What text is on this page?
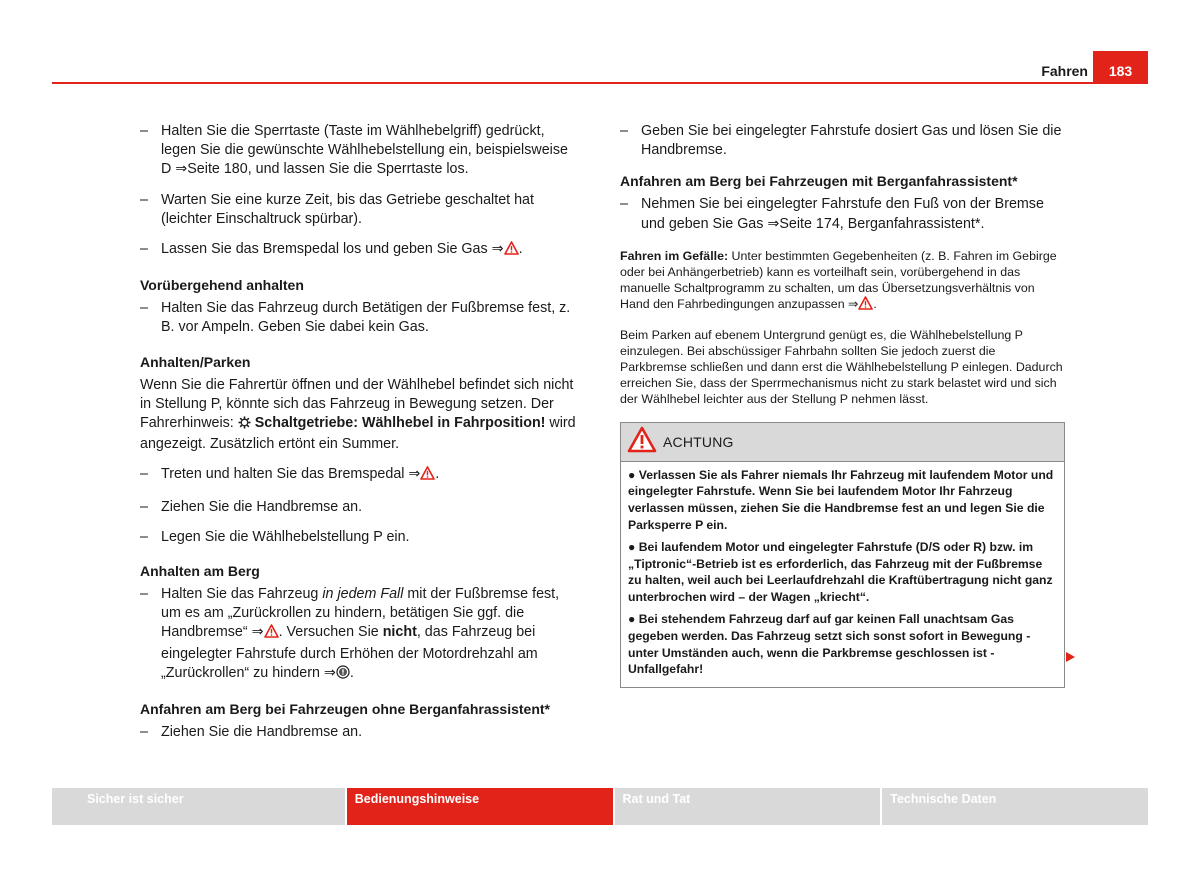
Fahren	183
– Halten Sie die Sperrtaste (Taste im Wählhebelgriff) gedrückt, legen Sie die gewünschte Wählhebelstellung ein, beispielsweise D ⇒Seite 180, und lassen Sie die Sperrtaste los.
– Warten Sie eine kurze Zeit, bis das Getriebe geschaltet hat (leichter Einschaltruck spürbar).
– Lassen Sie das Bremspedal los und geben Sie Gas ⇒ .
Vorübergehend anhalten
– Halten Sie das Fahrzeug durch Betätigen der Fußbremse fest, z. B. vor Ampeln. Geben Sie dabei kein Gas.
Anhalten/Parken
Wenn Sie die Fahrertür öffnen und der Wählhebel befindet sich nicht in Stellung P, könnte sich das Fahrzeug in Bewegung setzen. Der Fahrerhinweis:  Schaltgetriebe: Wählhebel in Fahrposition! wird angezeigt. Zusätzlich ertönt ein Summer.
– Treten und halten Sie das Bremspedal ⇒ .
– Ziehen Sie die Handbremse an.
– Legen Sie die Wählhebelstellung P ein.
Anhalten am Berg
– Halten Sie das Fahrzeug in jedem Fall mit der Fußbremse fest, um es am „Zurückrollen zu hindern, betätigen Sie ggf. die Handbremse“ ⇒ . Versuchen Sie nicht, das Fahrzeug bei eingelegter Fahrstufe durch Erhöhen der Motordrehzahl am „Zurückrollen“ zu hindern ⇒ .
Anfahren am Berg bei Fahrzeugen ohne Berganfahrassistent*
– Ziehen Sie die Handbremse an.
– Geben Sie bei eingelegter Fahrstufe dosiert Gas und lösen Sie die Handbremse.
Anfahren am Berg bei Fahrzeugen mit Berganfahrassistent*
– Nehmen Sie bei eingelegter Fahrstufe den Fuß von der Bremse und geben Sie Gas ⇒Seite 174, Berganfahrassistent*.
Fahren im Gefälle: Unter bestimmten Gegebenheiten (z. B. Fahren im Gebirge oder bei Anhängerbetrieb) kann es vorteilhaft sein, vorübergehend in das manuelle Schaltprogramm zu schalten, um das Übersetzungsverhältnis von Hand den Fahrbedingungen anzupassen ⇒ .
Beim Parken auf ebenem Untergrund genügt es, die Wählhebelstellung P einzulegen. Bei abschüssiger Fahrbahn sollten Sie jedoch zuerst die Parkbremse schließen und dann erst die Wählhebelstellung P einlegen. Dadurch erreichen Sie, dass der Sperrmechanismus nicht zu stark belastet wird und sich der Wählhebel leichter aus der Stellung P nehmen lässt.
ACHTUNG
● Verlassen Sie als Fahrer niemals Ihr Fahrzeug mit laufendem Motor und eingelegter Fahrstufe. Wenn Sie bei laufendem Motor Ihr Fahrzeug verlassen müssen, ziehen Sie die Handbremse fest an und legen Sie die Parksperre P ein.
● Bei laufendem Motor und eingelegter Fahrstufe (D/S oder R) bzw. im „Tiptronic“-Betrieb ist es erforderlich, das Fahrzeug mit der Fußbremse zu halten, weil auch bei Leerlaufdrehzahl die Kraftübertragung nicht ganz unterbrochen wird – der Wagen „kriecht“.
● Bei stehendem Fahrzeug darf auf gar keinen Fall unachtsam Gas gegeben werden. Das Fahrzeug setzt sich sonst sofort in Bewegung - unter Umständen auch, wenn die Parkbremse geschlossen ist - Unfallgefahr!
Sicher ist sicher	Bedienungshinweise	Rat und Tat	Technische Daten
